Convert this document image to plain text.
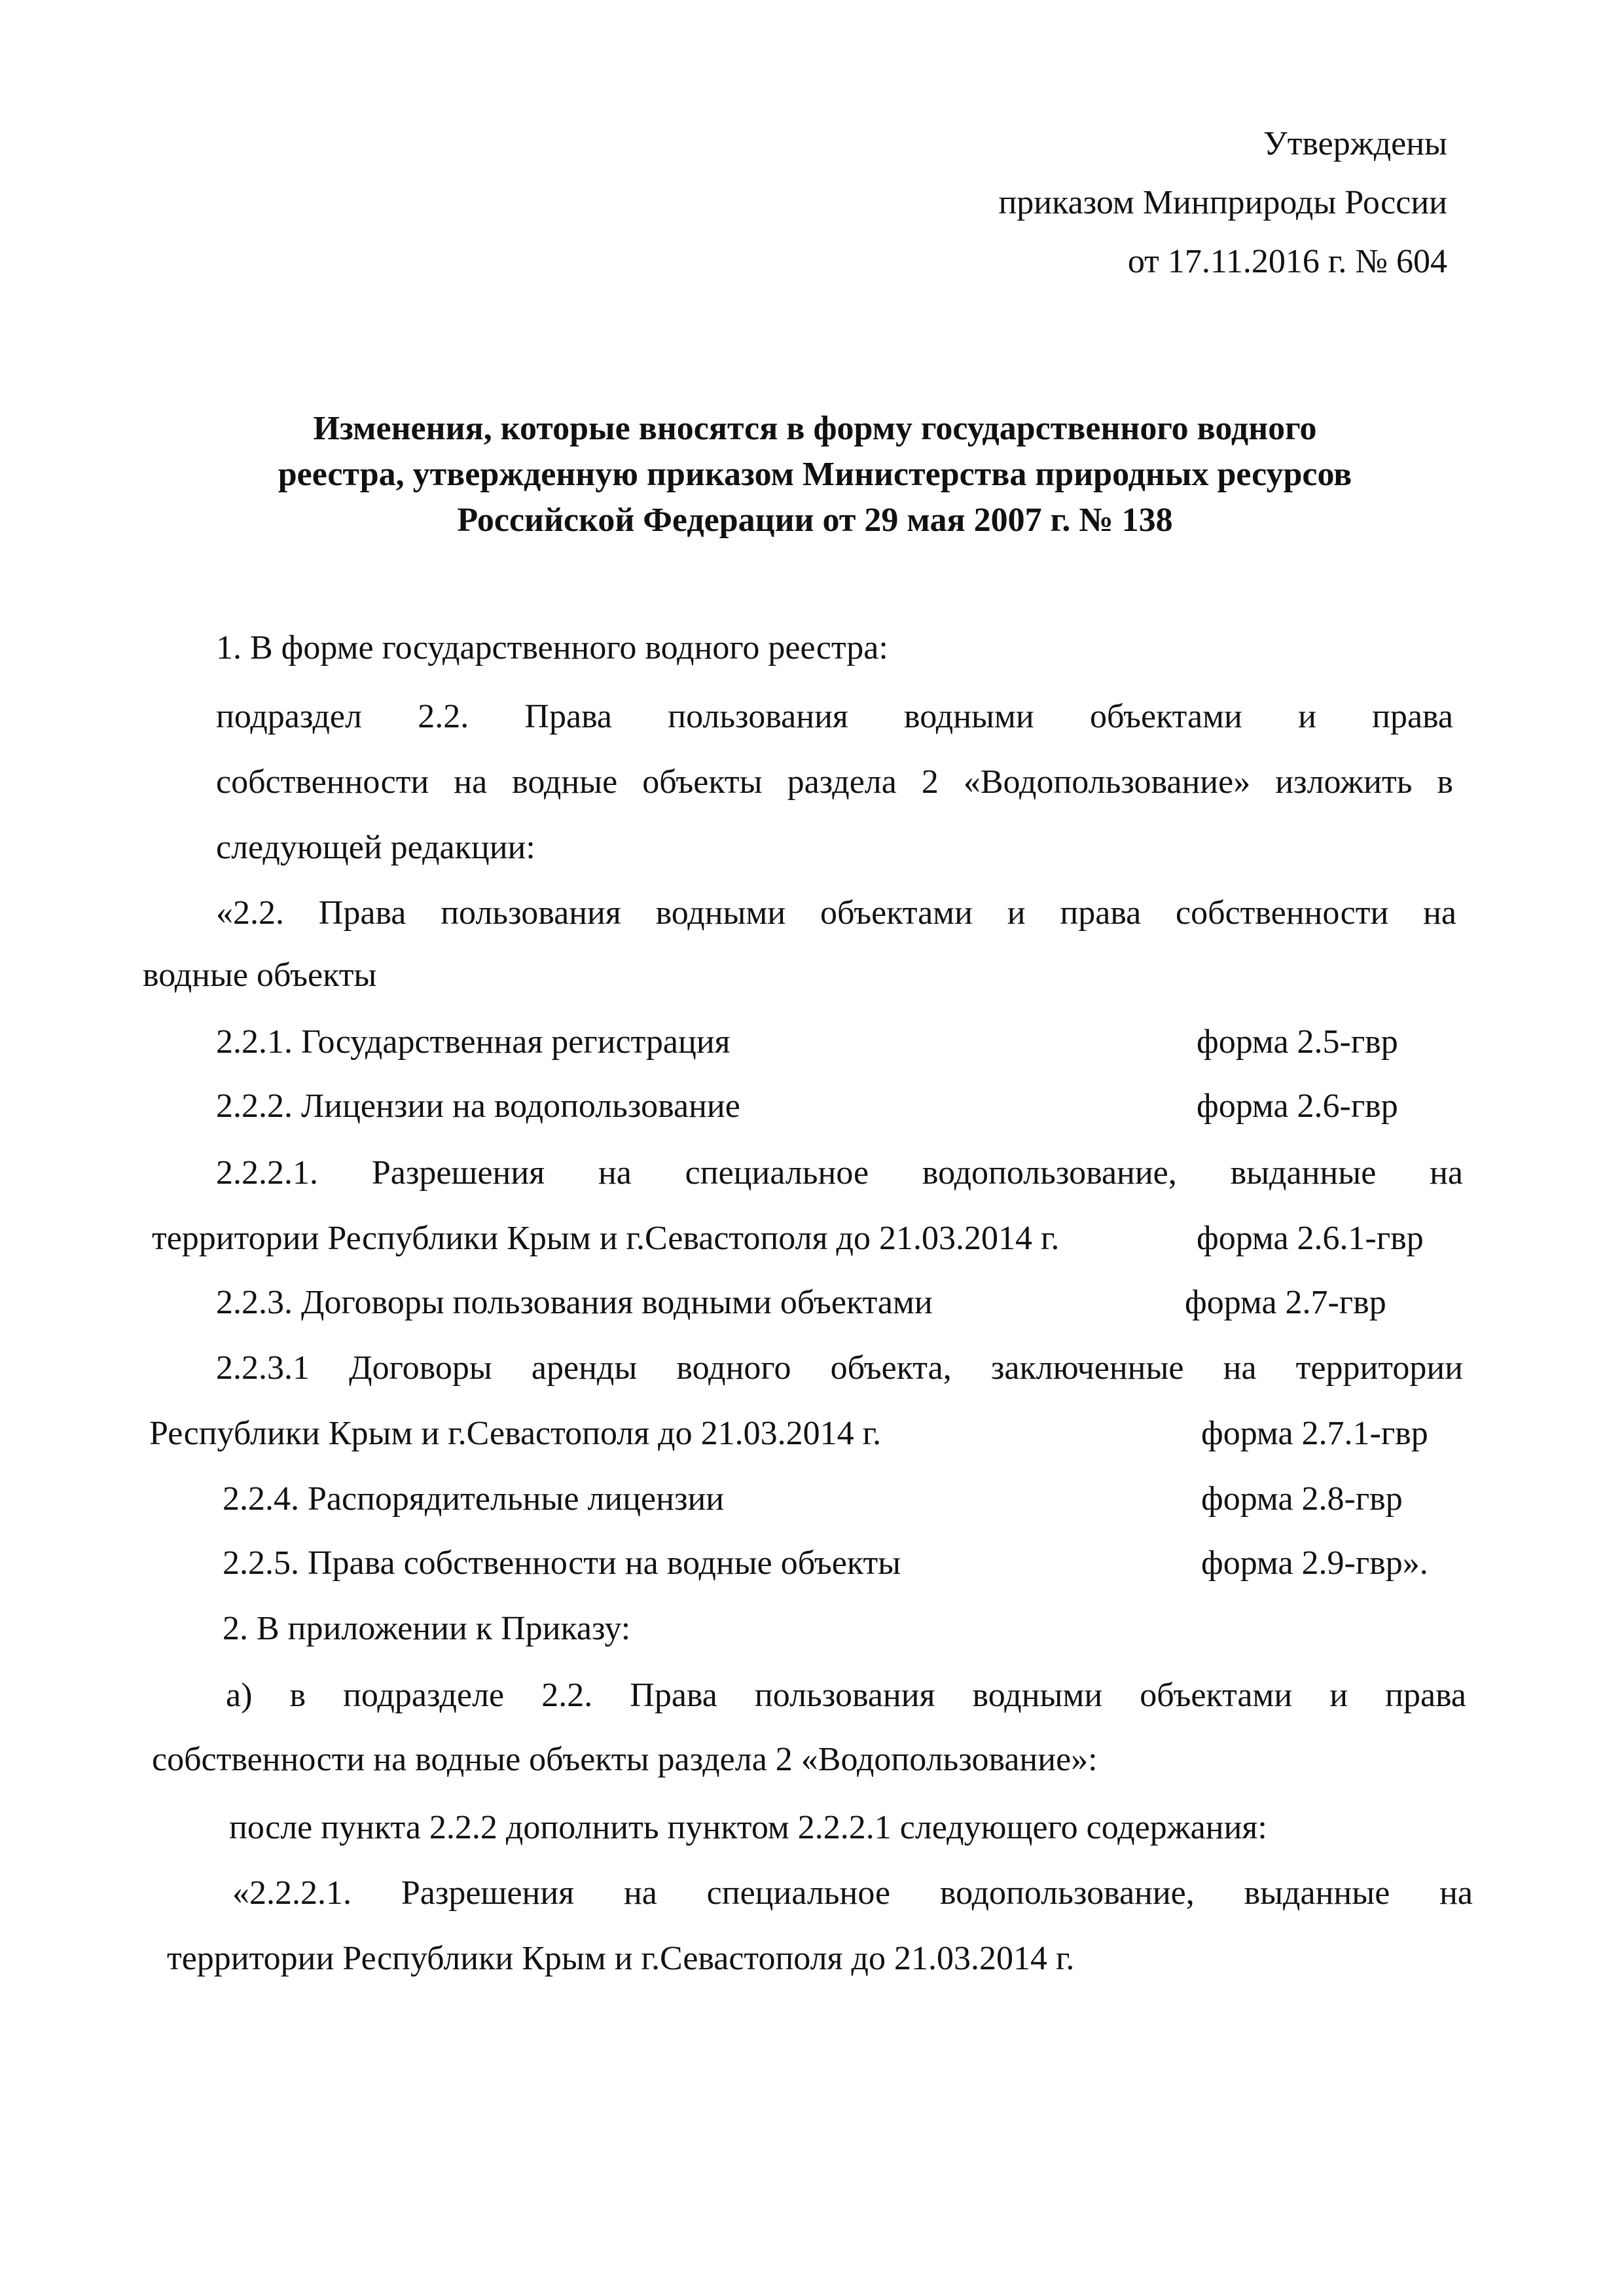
Утверждены
приказом Минприроды России
от 17.11.2016 г. № 604
Изменения, которые вносятся в форму государственного водного
реестра, утвержденную приказом Министерства природных ресурсов
Российской Федерации от 29 мая 2007 г. № 138
1. В форме государственного водного реестра:
подраздел 2.2. Права пользования водными объектами и права
собственности на водные объекты раздела 2 «Водопользование» изложить в
следующей редакции:
«2.2. Права пользования водными объектами и права собственности на
водные объекты
2.2.1. Государственная регистрация	форма 2.5-гвр
2.2.2. Лицензии на водопользование	форма 2.6-гвр
2.2.2.1. Разрешения на специальное водопользование, выданные на
территории Республики Крым и г.Севастополя до 21.03.2014 г.	форма 2.6.1-гвр
2.2.3. Договоры пользования водными объектами	форма 2.7-гвр
2.2.3.1 Договоры аренды водного объекта, заключенные на территории
Республики Крым и г.Севастополя до 21.03.2014 г.	форма 2.7.1-гвр
2.2.4. Распорядительные лицензии	форма 2.8-гвр
2.2.5. Права собственности на водные объекты	форма 2.9-гвр».
2. В приложении к Приказу:
а) в подразделе 2.2. Права пользования водными объектами и права
собственности на водные объекты раздела 2 «Водопользование»:
после пункта 2.2.2 дополнить пунктом 2.2.2.1 следующего содержания:
«2.2.2.1. Разрешения на специальное водопользование, выданные на
территории Республики Крым и г.Севастополя до 21.03.2014 г.
